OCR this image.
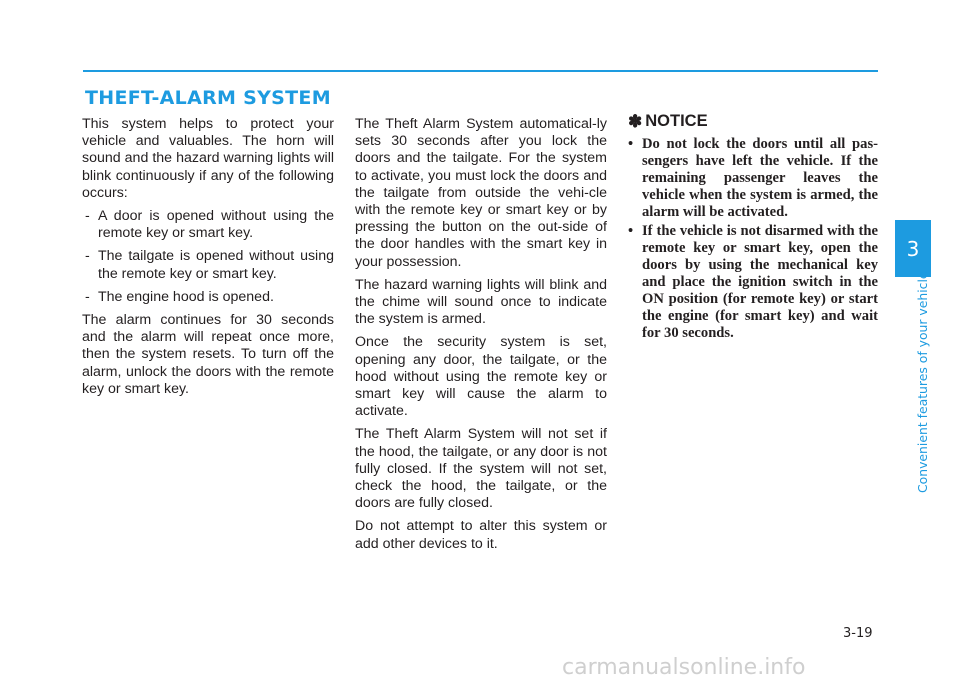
THEFT-ALARM SYSTEM

This system helps to protect your vehicle and valuables. The horn will sound and the hazard warning lights will blink continuously if any of the following occurs:

- A door is opened without using the remote key or smart key.
- The tailgate is opened without using the remote key or smart key.
- The engine hood is opened.

The alarm continues for 30 seconds and the alarm will repeat once more, then the system resets. To turn off the alarm, unlock the doors with the remote key or smart key.

The Theft Alarm System automatical-ly sets 30 seconds after you lock the doors and the tailgate. For the system to activate, you must lock the doors and the tailgate from outside the vehi-cle with the remote key or smart key or by pressing the button on the out-side of the door handles with the smart key in your possession.

The hazard warning lights will blink and the chime will sound once to indicate the system is armed.

Once the security system is set, opening any door, the tailgate, or the hood without using the remote key or smart key will cause the alarm to activate.

The Theft Alarm System will not set if the hood, the tailgate, or any door is not fully closed. If the system will not set, check the hood, the tailgate, or the doors are fully closed.

Do not attempt to alter this system or add other devices to it.

✽ NOTICE
• Do not lock the doors until all pas-sengers have left the vehicle. If the remaining passenger leaves the vehicle when the system is armed, the alarm will be activated.
• If the vehicle is not disarmed with the remote key or smart key, open the doors by using the mechanical key and place the ignition switch in the ON position (for remote key) or start the engine (for smart key) and wait for 30 seconds.
3
Convenient features of your vehicle
3-19
carmanualsonline.info
